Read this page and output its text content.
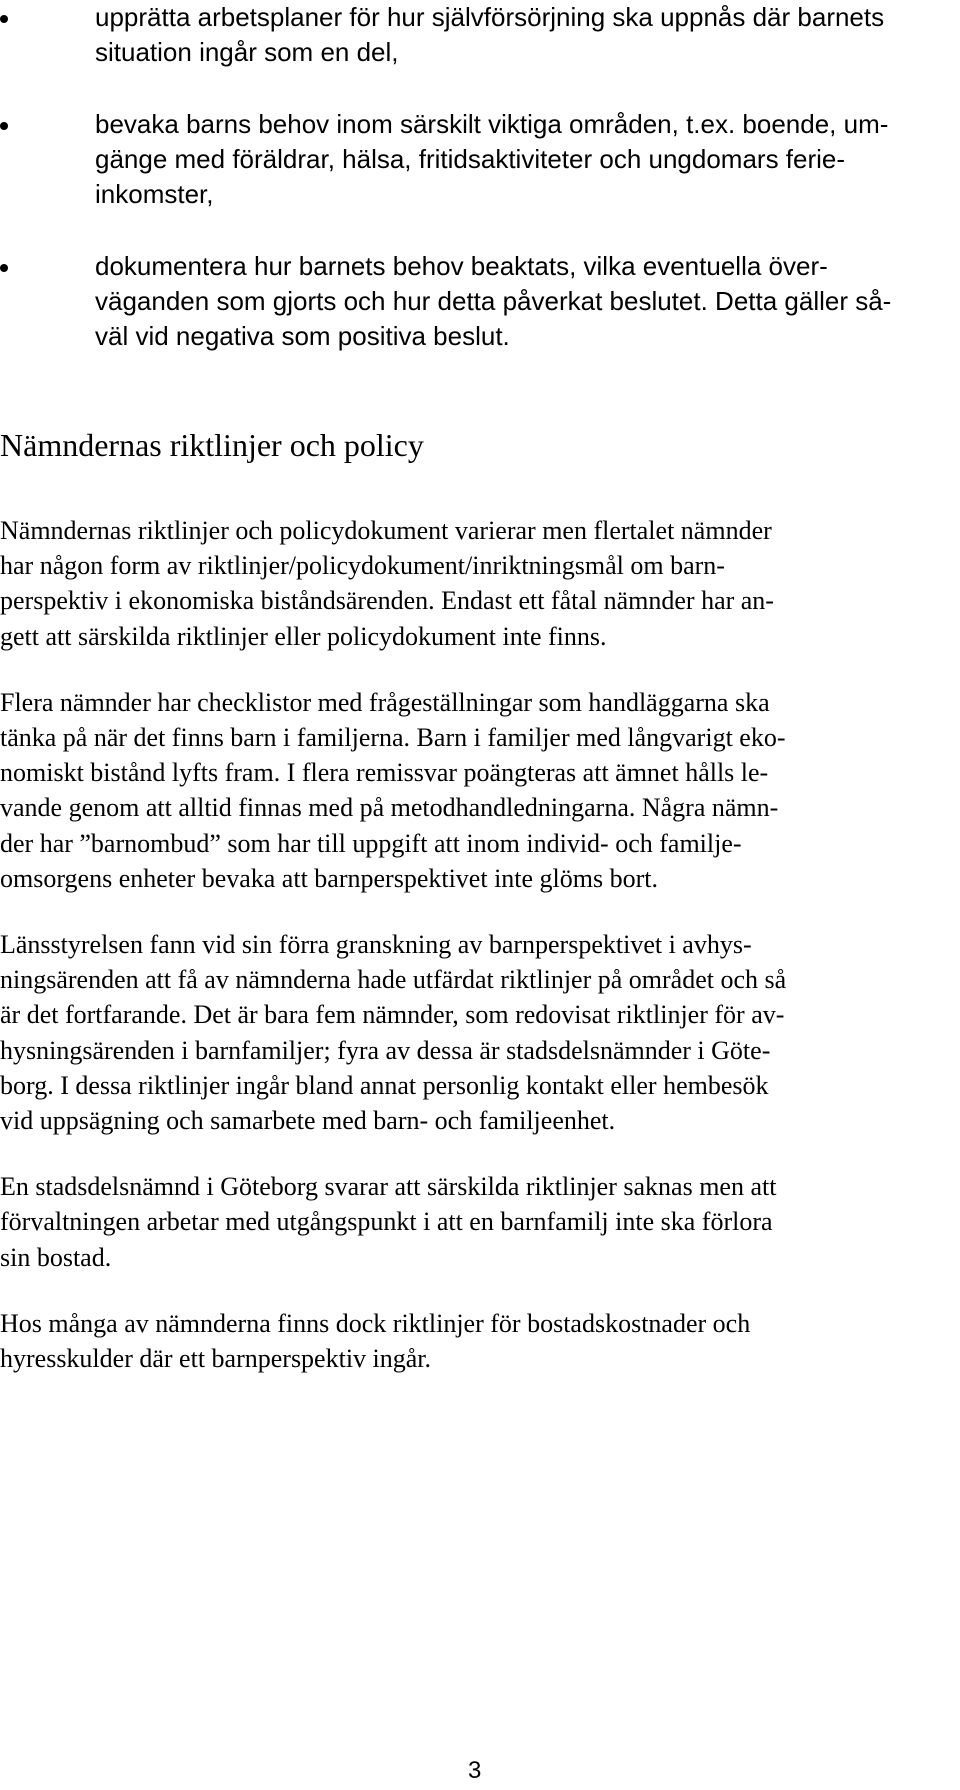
upprätta arbetsplaner för hur självförsörjning ska uppnås där barnets
situation ingår som en del,
bevaka barns behov inom särskilt viktiga områden, t.ex. boende, um-
gänge med föräldrar, hälsa, fritidsaktiviteter och ungdomars ferie-
inkomster,
dokumentera hur barnets behov beaktats, vilka eventuella över-
väganden som gjorts och hur detta påverkat beslutet. Detta gäller så-
väl vid negativa som positiva beslut.
Nämndernas riktlinjer och policy

Nämndernas riktlinjer och policydokument varierar men flertalet nämnder
har någon form av riktlinjer/policydokument/inriktningsmål om barn-
perspektiv i ekonomiska biståndsärenden. Endast ett fåtal nämnder har an-
gett att särskilda riktlinjer eller policydokument inte finns.

Flera nämnder har checklistor med frågeställningar som handläggarna ska
tänka på när det finns barn i familjerna. Barn i familjer med långvarigt eko-
nomiskt bistånd lyfts fram. I flera remissvar poängteras att ämnet hålls le-
vande genom att alltid finnas med på metodhandledningarna. Några nämn-
der har ”barnombud” som har till uppgift att inom individ- och familje-
omsorgens enheter bevaka att barnperspektivet inte glöms bort.

Länsstyrelsen fann vid sin förra granskning av barnperspektivet i avhys-
ningsärenden att få av nämnderna hade utfärdat riktlinjer på området och så
är det fortfarande. Det är bara fem nämnder, som redovisat riktlinjer för av-
hysningsärenden i barnfamiljer; fyra av dessa är stadsdelsnämnder i Göte-
borg. I dessa riktlinjer ingår bland annat personlig kontakt eller hembesök
vid uppsägning och samarbete med barn- och familjeenhet.

En stadsdelsnämnd i Göteborg svarar att särskilda riktlinjer saknas men att
förvaltningen arbetar med utgångspunkt i att en barnfamilj inte ska förlora
sin bostad.

Hos många av nämnderna finns dock riktlinjer för bostadskostnader och
hyresskulder där ett barnperspektiv ingår.

3
